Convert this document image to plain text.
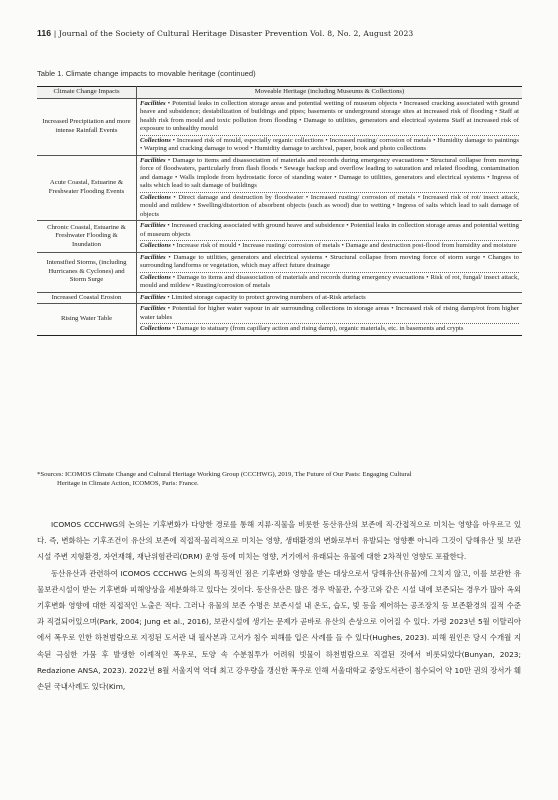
116 | Journal of the Society of Cultural Heritage Disaster Prevention Vol. 8, No. 2, August 2023
Table 1. Climate change impacts to movable heritage (continued)
Climate Change Impacts	Moveable Heritage (including Museums & Collections)
Increased Precipitation and more intense Rainfall Events	Facilities • Potential leaks in collection storage areas and potential wetting of museum objects • Increased cracking associated with ground heave and subsidence; destabilization of buildings and pipes; basements or underground storage sites at increased risk of flooding • Staff at health risk from mould and toxic pollution from flooding • Damage to utilities, generators and electrical systems Staff at increased risk of exposure to unhealthy mould
Collections • Increased risk of mould, especially organic collections • Increased rusting/ corrosion of metals • Humidity damage to paintings • Warping and cracking damage to wood • Humidity damage to archival, paper, book and photo collections

Acute Coastal, Estuarine & Freshwater Flooding Events	Facilities • Damage to items and disassociation of materials and records during emergency evacuations • Structural collapse from moving force of floodwaters, particularly from flash floods • Sewage backup and overflow leading to saturation and related flooding, contamination and damage • Walls implode from hydrostatic force of standing water • Damage to utilities, generators and electrical systems • Ingress of salts which lead to salt damage of buildings
Collections • Direct damage and destruction by floodwater • Increased rusting/ corrosion of metals • Increased risk of rot/ insect attack, mould and mildew • Swelling/distortion of absorbent objects (such as wood) due to wetting • Ingress of salts which lead to salt damage of objects

Chronic Coastal, Estuarine & Freshwater Flooding & Inundation	Facilities • Increased cracking associated with ground heave and subsidence • Potential leaks in collection storage areas and potential wetting of museum objects
Collections • Increase risk of mould • Increase rusting/ corrosion of metals • Damage and destruction post-flood from humidity and moisture

Intensified Storms, (including Hurricanes & Cyclones) and Storm Surge	Facilities • Damage to utilities, generators and electrical systems • Structural collapse from moving force of storm surge • Changes to surrounding landforms or vegetation, which may affect future drainage
Collections • Damage to items and disassociation of materials and records during emergency evacuations • Risk of rot, fungal/ insect attack, mould and mildew • Rusting/corrosion of metals

Increased Coastal Erosion	Facilities • Limited storage capacity to protect growing numbers of at-Risk artefacts

Rising Water Table	Facilities • Potential for higher water vapour in air surrounding collections in storage areas • Increased risk of rising damp/rot from higher water tables
Collections • Damage to statuary (from capillary action and rising damp), organic materials, etc. in basements and crypts

*Sources: ICOMOS Climate Change and Cultural Heritage Working Group (CCCHWG), 2019, The Future of Our Pasts: Engaging Cultural

Heritage in Climate Action, ICOMOS, Paris: France.

ICOMOS CCCHWG의 논의는 기후변화가 다양한 경로를 통해 지류·직물을 비롯한 동산유산의 보존에 직·간접적으로 미치는 영향을 아우르고 있다. 즉, 변화하는 기후조건이 유산의 보존에 직접적·물리적으로 미치는 영향, 생태환경의 변화로부터 유발되는 영향뿐 아니라 그것이 당해유산 및 보관시설 주변 지형환경, 자연재해, 재난위험관리(DRM) 운영 등에 미치는 영향, 거기에서 유래되는 유물에 대한 2차적인 영향도 포괄한다.

동산유산과 관련하여 ICOMOS CCCHWG 논의의 특징적인 점은 기후변화 영향을 받는 대상으로서 당해유산(유물)에 그치지 않고, 이를 보관한 유물보관시설이 받는 기후변화 피해양상을 세분화하고 있다는 것이다. 동산유산은 많은 경우 박물관, 수장고와 같은 시설 내에 보존되는 경우가 많아 옥외 기후변화 영향에 대한 직접적인 노출은 적다. 그러나 유물의 보존 수명은 보존시설 내 온도, 습도, 빛 등을 제어하는 공조장치 등 보존환경의 질적 수준과 직결되어있으며(Park, 2004; Jung et al., 2016), 보관시설에 생기는 문제가 곧바로 유산의 손상으로 이어질 수 있다. 가령 2023년 5월 이탈리아에서 폭우로 인한 하천범람으로 지정된 도서관 내 필사본과 고서가 침수 피해를 입은 사례를 들 수 있다(Hughes, 2023). 피해 원인은 당시 수개월 지속된 극심한 가뭄 후 발생한 이례적인 폭우로, 토양 속 수분침투가 어려워 빗물이 하천범람으로 직결된 것에서 비롯되었다(Bunyan, 2023; Redazione ANSA, 2023). 2022년 8월 서울지역 역대 최고 강우량을 갱신한 폭우로 인해 서울대학교 중앙도서관이 침수되어 약 10만 권의 장서가 훼손된 국내사례도 있다(Kim,
